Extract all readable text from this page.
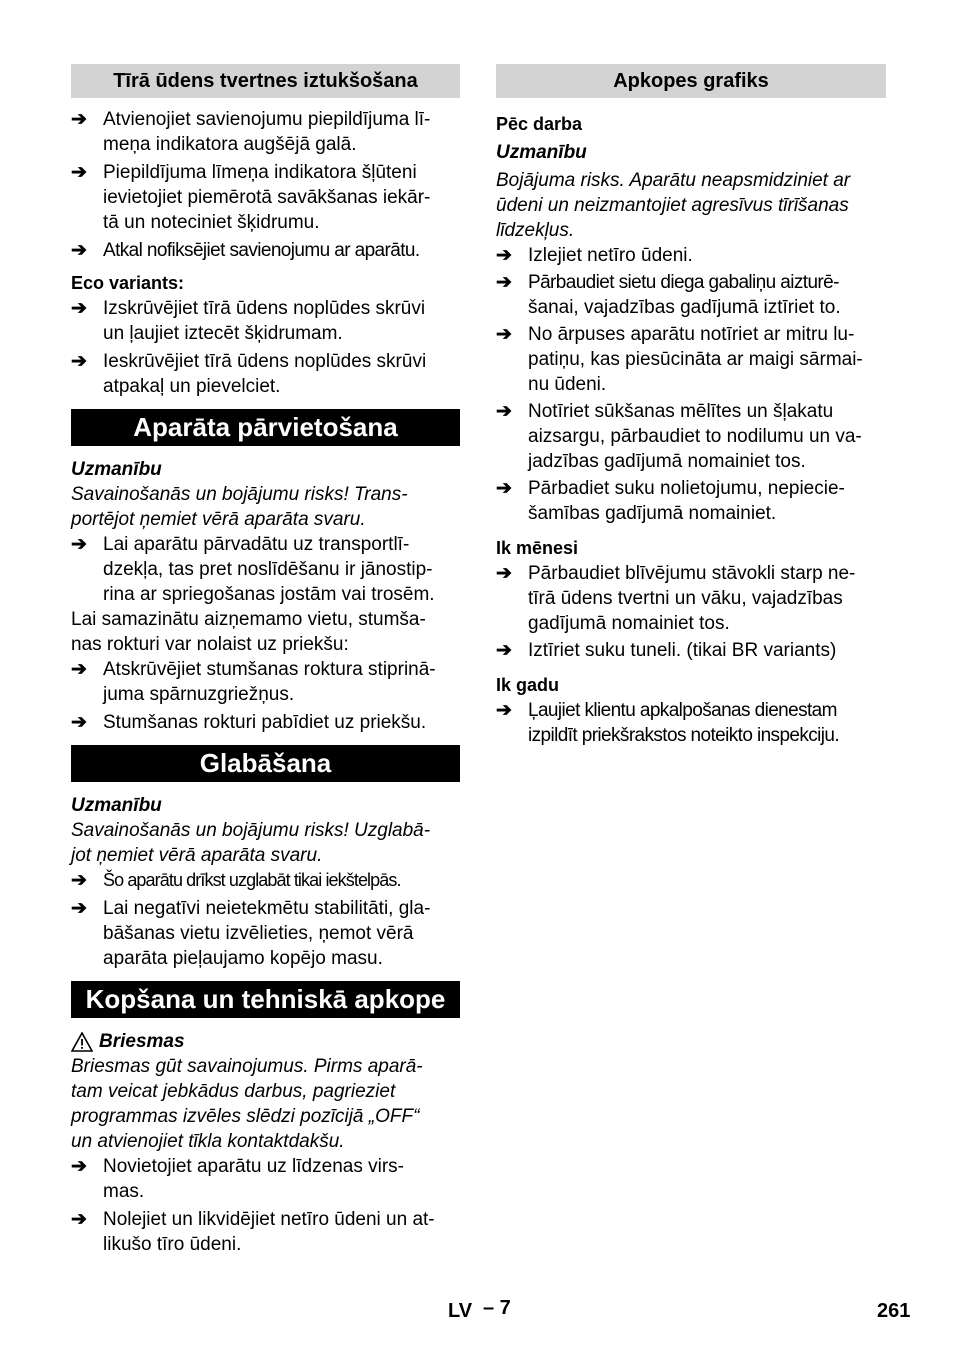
Tīrā ūdens tvertnes iztukšošana
➔ Atvienojiet savienojumu piepildījuma lī-

meņa indikatora augšējā galā.

➔ Piepildījuma līmeņa indikatora šļūteni

ievietojiet piemērotā savākšanas iekār-

tā un noteciniet šķidrumu.

➔ Atkal nofiksējiet savienojumu ar aparātu.

Eco variants:

➔ Izskrūvējiet tīrā ūdens noplūdes skrūvi

un ļaujiet iztecēt šķidrumam.

➔ Ieskrūvējiet tīrā ūdens noplūdes skrūvi

atpakaļ un pievelciet.

Aparāta pārvietošana

Uzmanību

Savainošanās un bojājumu risks! Trans-

portējot ņemiet vērā aparāta svaru.

➔ Lai aparātu pārvadātu uz transportlī-

dzekļa, tas pret noslīdēšanu ir jānostip-

rina ar spriegošanas jostām vai trosēm.

Lai samazinātu aizņemamo vietu, stumša-

nas rokturi var nolaist uz priekšu:

➔ Atskrūvējiet stumšanas roktura stiprinā-

juma spārnuzgriežņus.

➔ Stumšanas rokturi pabīdiet uz priekšu.

Glabāšana

Uzmanību

Savainošanās un bojājumu risks! Uzglabā-

jot ņemiet vērā aparāta svaru.

➔ Šo aparātu drīkst uzglabāt tikai iekštelpās.

➔ Lai negatīvi neietekmētu stabilitāti, gla-

bāšanas vietu izvēlieties, ņemot vērā

aparāta pieļaujamo kopējo masu.

Kopšana un tehniskā apkope
Briesmas

Briesmas gūt savainojumus. Pirms aparā-

tam veicat jebkādus darbus, pagrieziet

programmas izvēles slēdzi pozīcijā „OFF“

un atvienojiet tīkla kontaktdakšu.

➔ Novietojiet aparātu uz līdzenas virs-

mas.

➔ Nolejiet un likvidējiet netīro ūdeni un at-

likušo tīro ūdeni.

Apkopes grafiks

Pēc darba

Uzmanību

Bojājuma risks. Aparātu neapsmidziniet ar

ūdeni un neizmantojiet agresīvus tīrīšanas

līdzekļus.

➔ Izlejiet netīro ūdeni.

➔ Pārbaudiet sietu diega gabaliņu aizturē-

šanai, vajadzības gadījumā iztīriet to.

➔ No ārpuses aparātu notīriet ar mitru lu-

patiņu, kas piesūcināta ar maigi sārmai-

nu ūdeni.

➔ Notīriet sūkšanas mēlītes un šļakatu

aizsargu, pārbaudiet to nodilumu un va-

jadzības gadījumā nomainiet tos.

➔ Pārbadiet suku nolietojumu, nepiecie-

šamības gadījumā nomainiet.

Ik mēnesi

➔ Pārbaudiet blīvējumu stāvokli starp ne-

tīrā ūdens tvertni un vāku, vajadzības

gadījumā nomainiet tos.

➔ Iztīriet suku tuneli. (tikai BR variants)

Ik gadu

➔ Ļaujiet klientu apkalpošanas dienestam

izpildīt priekšrakstos noteikto inspekciju.

LV – 7	261
